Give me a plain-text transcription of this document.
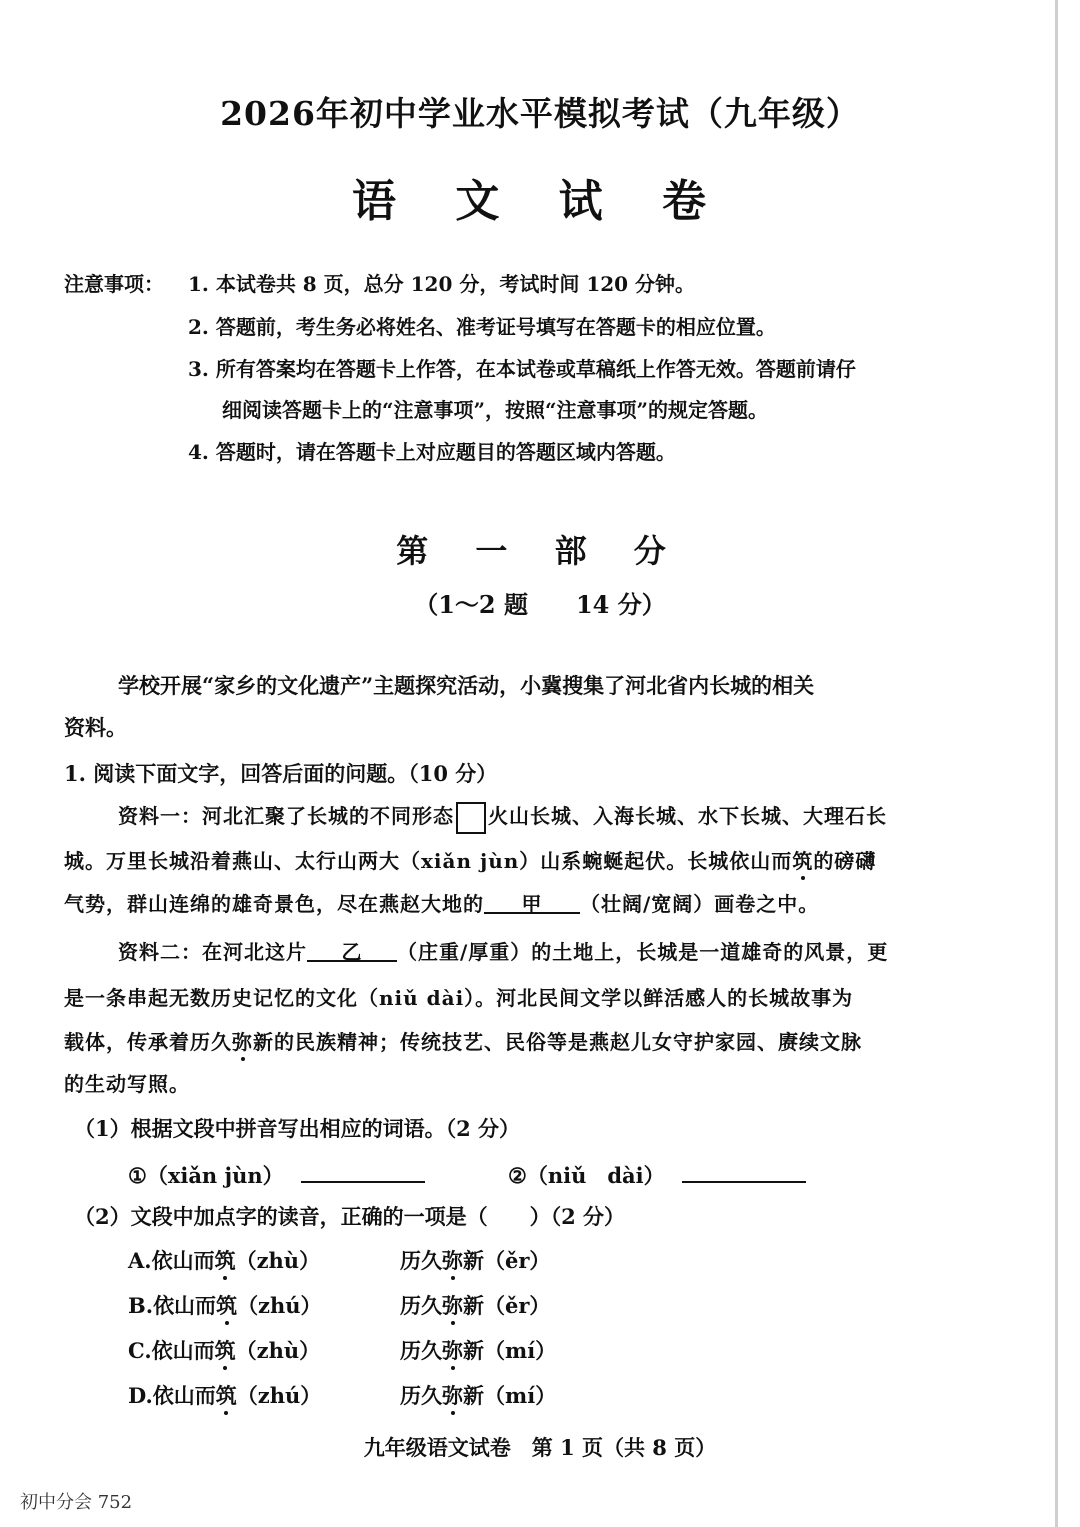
2026年初中学业水平模拟考试（九年级）
语 文 试 卷
注意事项： 1. 本试卷共 8 页，总分 120 分，考试时间 120 分钟。
2. 答题前，考生务必将姓名、准考证号填写在答题卡的相应位置。
3. 所有答案均在答题卡上作答，在本试卷或草稿纸上作答无效。答题前请仔
细阅读答题卡上的“注意事项”，按照“注意事项”的规定答题。
4. 答题时，请在答题卡上对应题目的答题区域内答题。
第 一 部 分
（1～2 题　　14 分）
学校开展“家乡的文化遗产”主题探究活动，小冀搜集了河北省内长城的相关
资料。
1. 阅读下面文字，回答后面的问题。（10 分）
资料一：河北汇聚了长城的不同形态 火山长城、入海长城、水下长城、大理石长
城。万里长城沿着燕山、太行山两大（xiǎn jùn）山系蜿蜒起伏。长城依山而筑的磅礴
气势，群山连绵的雄奇景色，尽在燕赵大地的 甲 （壮阔/宽阔）画卷之中。
资料二：在河北这片 乙 （庄重/厚重）的土地上，长城是一道雄奇的风景，更
是一条串起无数历史记忆的文化（niǔ dài）。河北民间文学以鲜活感人的长城故事为
载体，传承着历久弥新的民族精神；传统技艺、民俗等是燕赵儿女守护家园、赓续文脉
的生动写照。
（1）根据文段中拼音写出相应的词语。（2 分）
①（xiǎn jùn）	②（niǔ　dài）
（2）文段中加点字的读音，正确的一项是（　　）（2 分）
A.依山而筑（zhù）	历久弥新（ěr）
B.依山而筑（zhú）	历久弥新（ěr）
C.依山而筑（zhù）	历久弥新（mí）
D.依山而筑（zhú）	历久弥新（mí）
九年级语文试卷　第 1 页（共 8 页）
初中分会 752
